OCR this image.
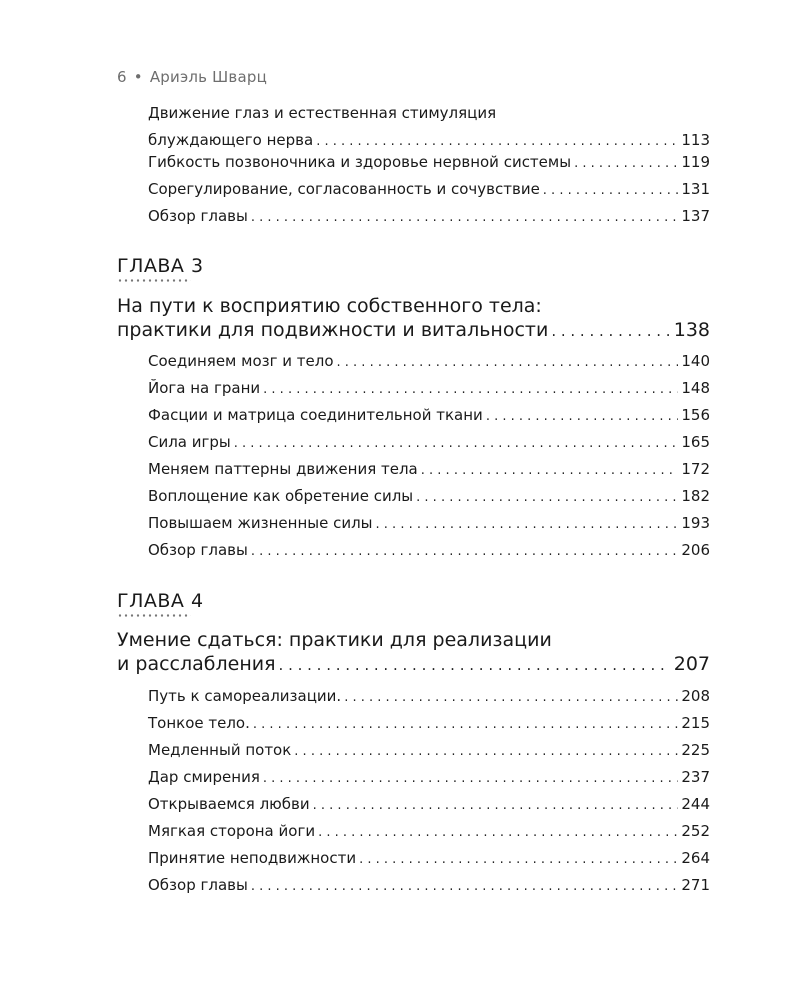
6 • Ариэль Шварц
Движение глаз и естественная стимуляция
блуждающего нерва . . .	113
Гибкость позвоночника и здоровье нервной системы . . .	119
Сорегулирование, согласованность и сочувствие . . .	131
Обзор главы . . .	137
ГЛАВА 3
На пути к восприятию собственного тела:
практики для подвижности и витальности . . .	138
Соединяем мозг и тело . . .	140
Йога на грани . . .	148
Фасции и матрица соединительной ткани . . .	156
Сила игры . . .	165
Меняем паттерны движения тела . . .	172
Воплощение как обретение силы . . .	182
Повышаем жизненные силы . . .	193
Обзор главы . . .	206
ГЛАВА 4
Умение сдаться: практики для реализации
и расслабления . . .	207
Путь к самореализации. . . .	208
Тонкое тело. . . .	215
Медленный поток . . .	225
Дар смирения . . .	237
Открываемся любви . . .	244
Мягкая сторона йоги . . .	252
Принятие неподвижности . . .	264
Обзор главы . . .	271
